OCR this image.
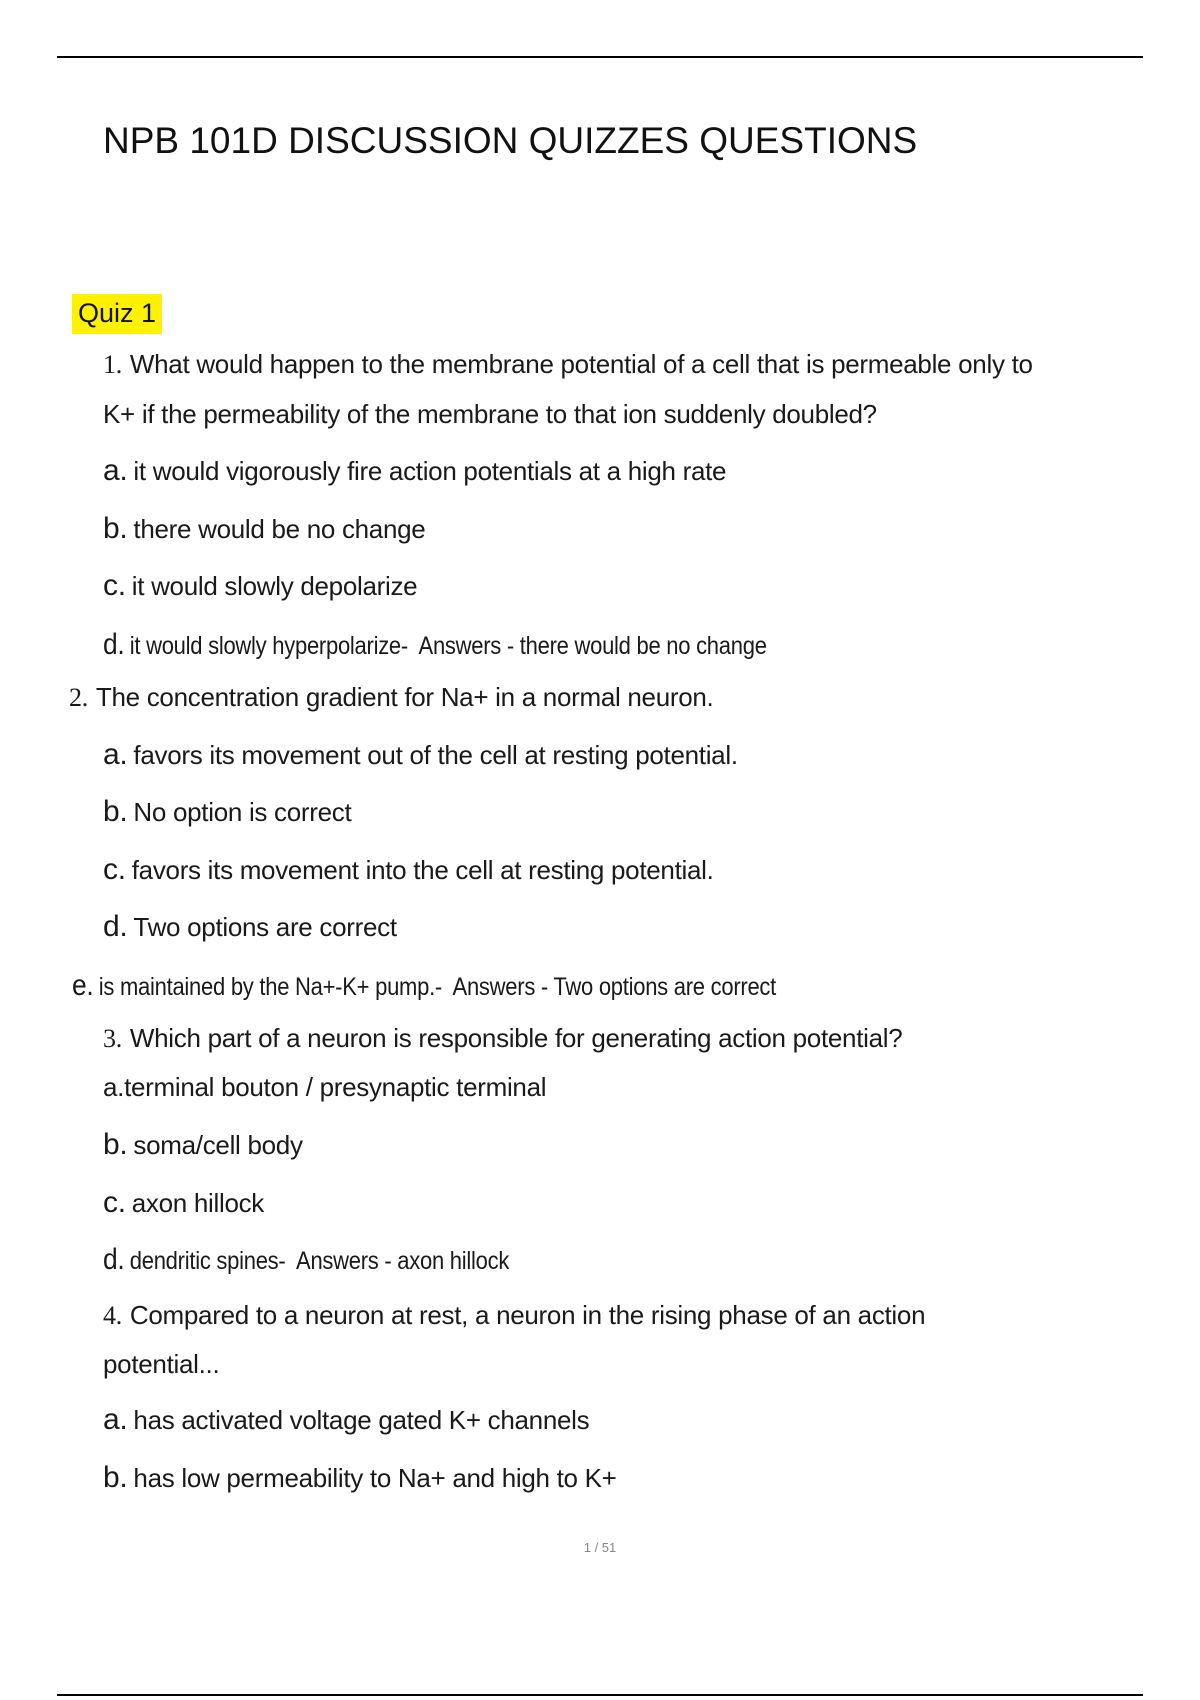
NPB 101D DISCUSSION QUIZZES QUESTIONS
Quiz 1
1. What would happen to the membrane potential of a cell that is permeable only to
K+ if the permeability of the membrane to that ion suddenly doubled?
a. it would vigorously fire action potentials at a high rate
b. there would be no change
c. it would slowly depolarize
d. it would slowly hyperpolarize- Answers - there would be no change
2. The concentration gradient for Na+ in a normal neuron.
a. favors its movement out of the cell at resting potential.
b. No option is correct
c. favors its movement into the cell at resting potential.
d. Two options are correct
e. is maintained by the Na+-K+ pump.- Answers - Two options are correct
3. Which part of a neuron is responsible for generating action potential?
a.terminal bouton / presynaptic terminal
b. soma/cell body
c. axon hillock
d. dendritic spines- Answers - axon hillock
4. Compared to a neuron at rest, a neuron in the rising phase of an action
potential...
a. has activated voltage gated K+ channels
b. has low permeability to Na+ and high to K+
1 / 51
